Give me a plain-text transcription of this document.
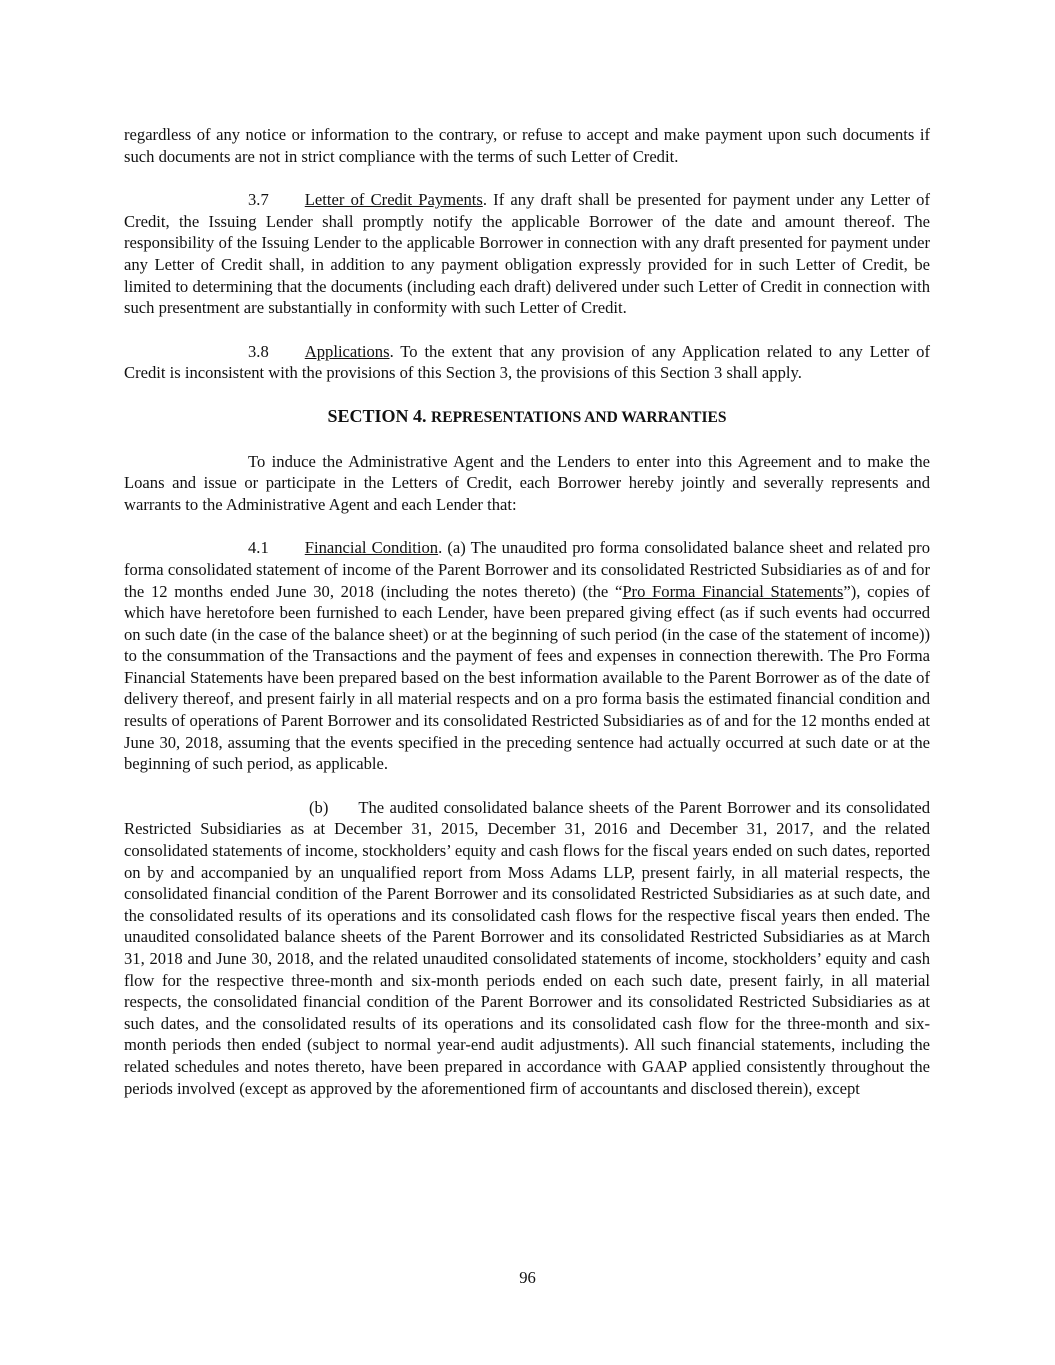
regardless of any notice or information to the contrary, or refuse to accept and make payment upon such documents if such documents are not in strict compliance with the terms of such Letter of Credit.

3.7 Letter of Credit Payments. If any draft shall be presented for payment under any Letter of Credit, the Issuing Lender shall promptly notify the applicable Borrower of the date and amount thereof. The responsibility of the Issuing Lender to the applicable Borrower in connection with any draft presented for payment under any Letter of Credit shall, in addition to any payment obligation expressly provided for in such Letter of Credit, be limited to determining that the documents (including each draft) delivered under such Letter of Credit in connection with such presentment are substantially in conformity with such Letter of Credit.

3.8 Applications. To the extent that any provision of any Application related to any Letter of Credit is inconsistent with the provisions of this Section 3, the provisions of this Section 3 shall apply.

SECTION 4. REPRESENTATIONS AND WARRANTIES

To induce the Administrative Agent and the Lenders to enter into this Agreement and to make the Loans and issue or participate in the Letters of Credit, each Borrower hereby jointly and severally represents and warrants to the Administrative Agent and each Lender that:

4.1 Financial Condition. (a) The unaudited pro forma consolidated balance sheet and related pro forma consolidated statement of income of the Parent Borrower and its consolidated Restricted Subsidiaries as of and for the 12 months ended June 30, 2018 (including the notes thereto) (the “Pro Forma Financial Statements”), copies of which have heretofore been furnished to each Lender, have been prepared giving effect (as if such events had occurred on such date (in the case of the balance sheet) or at the beginning of such period (in the case of the statement of income)) to the consummation of the Transactions and the payment of fees and expenses in connection therewith. The Pro Forma Financial Statements have been prepared based on the best information available to the Parent Borrower as of the date of delivery thereof, and present fairly in all material respects and on a pro forma basis the estimated financial condition and results of operations of Parent Borrower and its consolidated Restricted Subsidiaries as of and for the 12 months ended at June 30, 2018, assuming that the events specified in the preceding sentence had actually occurred at such date or at the beginning of such period, as applicable.

(b) The audited consolidated balance sheets of the Parent Borrower and its consolidated Restricted Subsidiaries as at December 31, 2015, December 31, 2016 and December 31, 2017, and the related consolidated statements of income, stockholders’ equity and cash flows for the fiscal years ended on such dates, reported on by and accompanied by an unqualified report from Moss Adams LLP, present fairly, in all material respects, the consolidated financial condition of the Parent Borrower and its consolidated Restricted Subsidiaries as at such date, and the consolidated results of its operations and its consolidated cash flows for the respective fiscal years then ended. The unaudited consolidated balance sheets of the Parent Borrower and its consolidated Restricted Subsidiaries as at March 31, 2018 and June 30, 2018, and the related unaudited consolidated statements of income, stockholders’ equity and cash flow for the respective three-month and six-month periods ended on each such date, present fairly, in all material respects, the consolidated financial condition of the Parent Borrower and its consolidated Restricted Subsidiaries as at such dates, and the consolidated results of its operations and its consolidated cash flow for the three-month and six-month periods then ended (subject to normal year-end audit adjustments). All such financial statements, including the related schedules and notes thereto, have been prepared in accordance with GAAP applied consistently throughout the periods involved (except as approved by the aforementioned firm of accountants and disclosed therein), except

96
